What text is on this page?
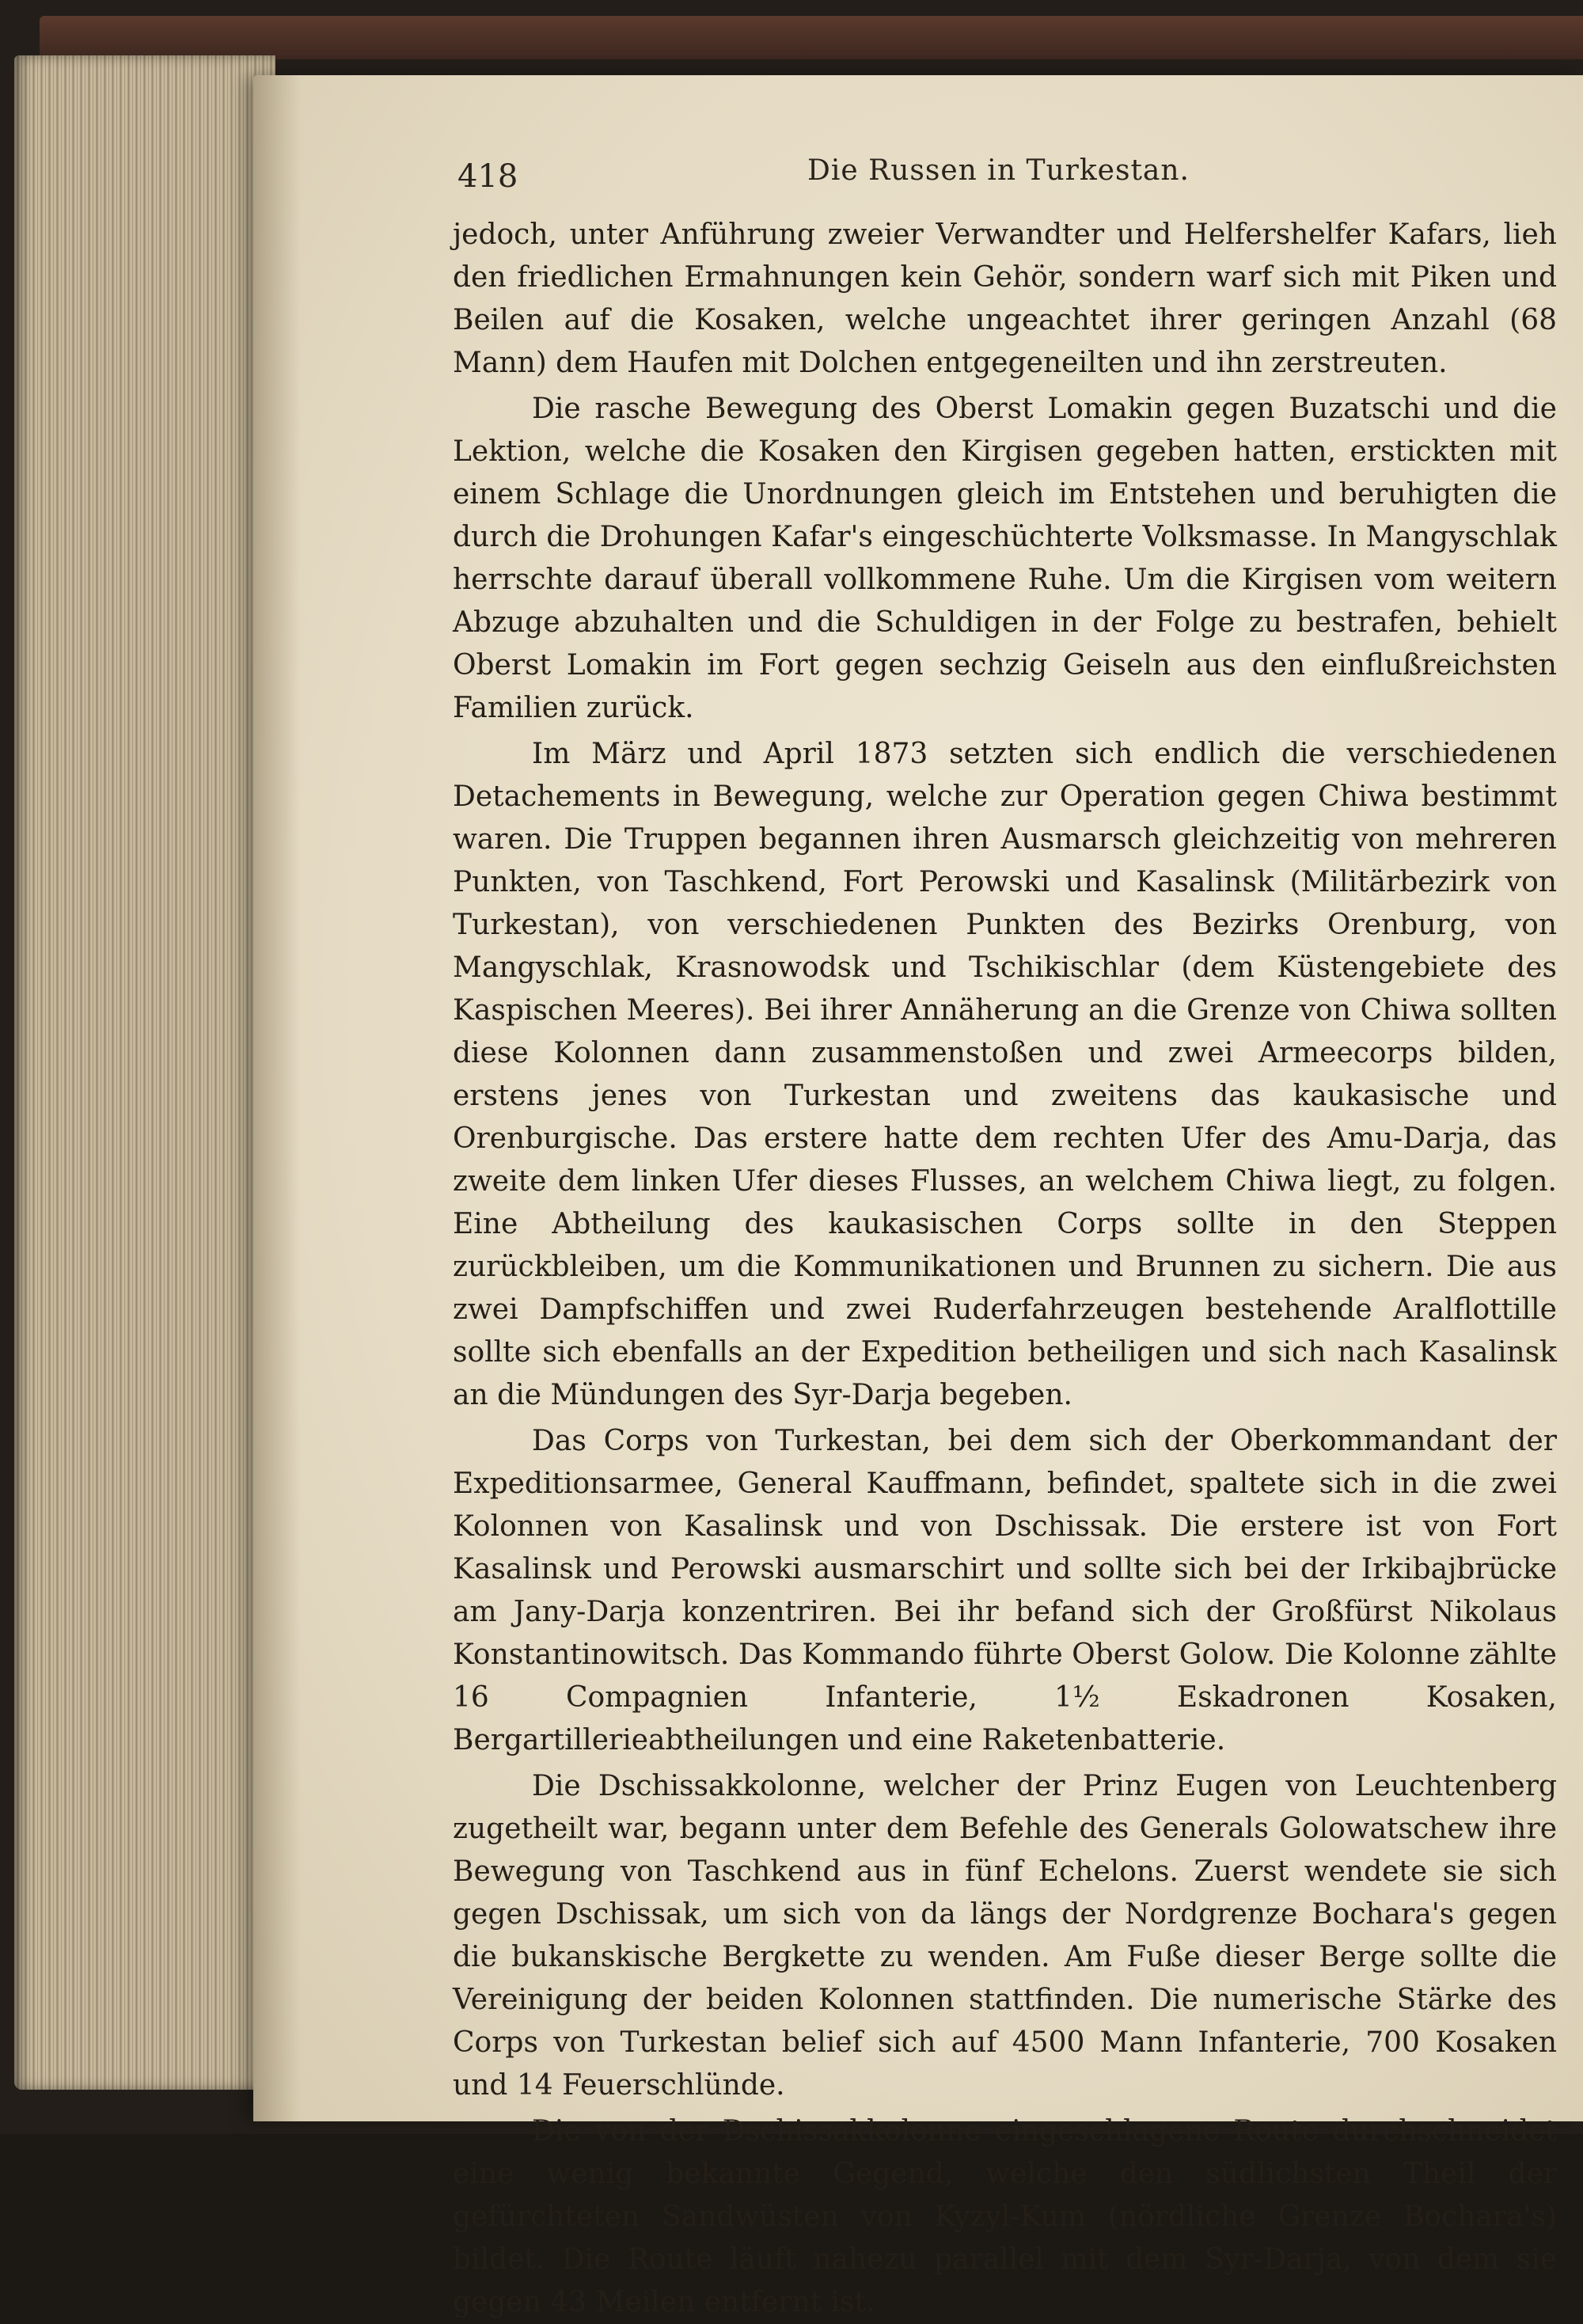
418	Die Russen in Turkestan.

jedoch, unter Anführung zweier Verwandter und Helfershelfer Kafars, lieh den friedlichen Ermahnungen kein Gehör, sondern warf sich mit Piken und Beilen auf die Kosaken, welche ungeachtet ihrer geringen Anzahl (68 Mann) dem Haufen mit Dolchen entgegeneilten und ihn zerstreuten.

Die rasche Bewegung des Oberst Lomakin gegen Buzatschi und die Lektion, welche die Kosaken den Kirgisen gegeben hatten, erstickten mit einem Schlage die Unordnungen gleich im Entstehen und beruhigten die durch die Drohungen Kafar's eingeschüchterte Volksmasse. In Mangyschlak herrschte darauf überall vollkommene Ruhe. Um die Kirgisen vom weitern Abzuge abzuhalten und die Schuldigen in der Folge zu bestrafen, behielt Oberst Lomakin im Fort gegen sechzig Geiseln aus den einflußreichsten Familien zurück.

Im März und April 1873 setzten sich endlich die verschiedenen Detachements in Bewegung, welche zur Operation gegen Chiwa bestimmt waren. Die Truppen begannen ihren Ausmarsch gleichzeitig von mehreren Punkten, von Taschkend, Fort Perowski und Kasalinsk (Militärbezirk von Turkestan), von verschiedenen Punkten des Bezirks Orenburg, von Mangyschlak, Krasnowodsk und Tschikischlar (dem Küstengebiete des Kaspischen Meeres). Bei ihrer Annäherung an die Grenze von Chiwa sollten diese Kolonnen dann zusammenstoßen und zwei Armeecorps bilden, erstens jenes von Turkestan und zweitens das kaukasische und Orenburgische. Das erstere hatte dem rechten Ufer des Amu-Darja, das zweite dem linken Ufer dieses Flusses, an welchem Chiwa liegt, zu folgen. Eine Abtheilung des kaukasischen Corps sollte in den Steppen zurückbleiben, um die Kommunikationen und Brunnen zu sichern. Die aus zwei Dampfschiffen und zwei Ruderfahrzeugen bestehende Aralflottille sollte sich ebenfalls an der Expedition betheiligen und sich nach Kasalinsk an die Mündungen des Syr-Darja begeben.

Das Corps von Turkestan, bei dem sich der Oberkommandant der Expeditionsarmee, General Kauffmann, befindet, spaltete sich in die zwei Kolonnen von Kasalinsk und von Dschissak. Die erstere ist von Fort Kasalinsk und Perowski ausmarschirt und sollte sich bei der Irkibajbrücke am Jany-Darja konzentriren. Bei ihr befand sich der Großfürst Nikolaus Konstantinowitsch. Das Kommando führte Oberst Golow. Die Kolonne zählte 16 Compagnien Infanterie, 1½ Eskadronen Kosaken, Bergartillerieabtheilungen und eine Raketenbatterie.

Die Dschissakkolonne, welcher der Prinz Eugen von Leuchtenberg zugetheilt war, begann unter dem Befehle des Generals Golowatschew ihre Bewegung von Taschkend aus in fünf Echelons. Zuerst wendete sie sich gegen Dschissak, um sich von da längs der Nordgrenze Bochara's gegen die bukanskische Bergkette zu wenden. Am Fuße dieser Berge sollte die Vereinigung der beiden Kolonnen stattfinden. Die numerische Stärke des Corps von Turkestan belief sich auf 4500 Mann Infanterie, 700 Kosaken und 14 Feuerschlünde.

Die von der Dschissakkolonne eingeschlagene Route durchschneidet eine wenig bekannte Gegend, welche den südlichsten Theil der gefürchteten Sandwüsten von Kyzyl-Kum (nördliche Grenze Bochara's) bildet. Die Route läuft nahezu parallel mit dem Syr-Darja, von dem sie gegen 43 Meilen entfernt ist.
